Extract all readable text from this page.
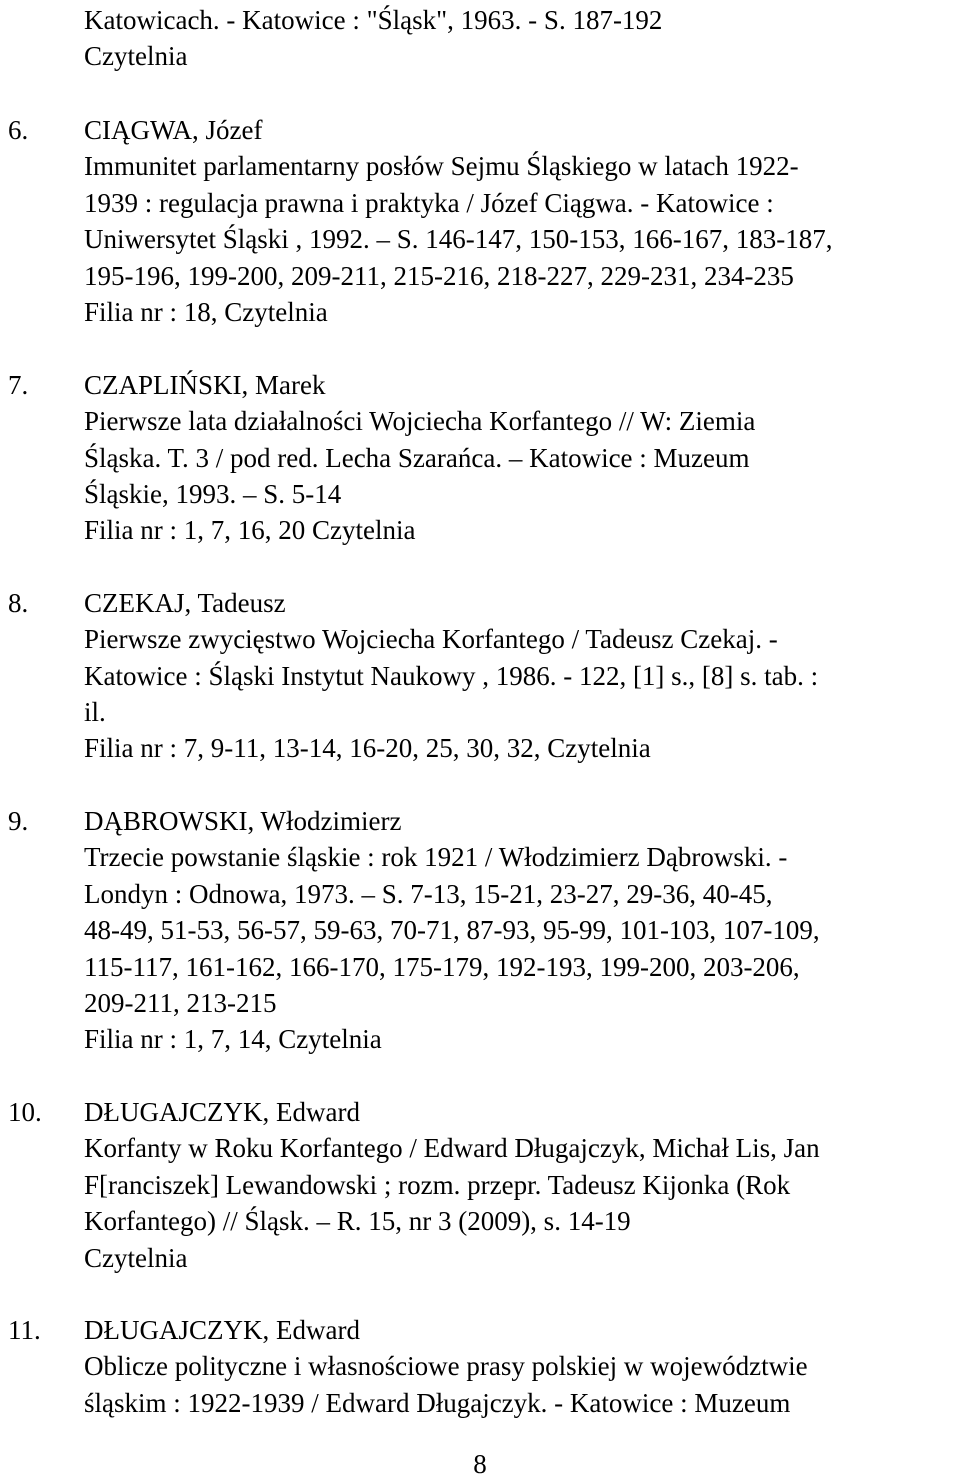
Katowicach. - Katowice : "Śląsk", 1963. - S. 187-192
Czytelnia
6. CIĄGWA, Józef
Immunitet parlamentarny posłów Sejmu Śląskiego w latach 1922-
1939 : regulacja prawna i praktyka / Józef Ciągwa. - Katowice :
Uniwersytet Śląski , 1992. – S. 146-147, 150-153, 166-167, 183-187,
195-196, 199-200, 209-211, 215-216, 218-227, 229-231, 234-235
Filia nr : 18, Czytelnia
7. CZAPLIŃSKI, Marek
Pierwsze lata działalności Wojciecha Korfantego // W: Ziemia
Śląska. T. 3 / pod red. Lecha Szarańca. – Katowice : Muzeum
Śląskie, 1993. – S. 5-14
Filia nr : 1, 7, 16, 20 Czytelnia
8. CZEKAJ, Tadeusz
Pierwsze zwycięstwo Wojciecha Korfantego / Tadeusz Czekaj. -
Katowice : Śląski Instytut Naukowy , 1986. - 122, [1] s., [8] s. tab. :
il.
Filia nr : 7, 9-11, 13-14, 16-20, 25, 30, 32, Czytelnia
9. DĄBROWSKI, Włodzimierz
Trzecie powstanie śląskie : rok 1921 / Włodzimierz Dąbrowski. -
Londyn : Odnowa, 1973. – S. 7-13, 15-21, 23-27, 29-36, 40-45,
48-49, 51-53, 56-57, 59-63, 70-71, 87-93, 95-99, 101-103, 107-109,
115-117, 161-162, 166-170, 175-179, 192-193, 199-200, 203-206,
209-211, 213-215
Filia nr : 1, 7, 14, Czytelnia
10. DŁUGAJCZYK, Edward
Korfanty w Roku Korfantego / Edward Długajczyk, Michał Lis, Jan
F[ranciszek] Lewandowski ; rozm. przepr. Tadeusz Kijonka (Rok
Korfantego) // Śląsk. – R. 15, nr 3 (2009), s. 14-19
Czytelnia
11. DŁUGAJCZYK, Edward
Oblicze polityczne i własnościowe prasy polskiej w województwie
śląskim : 1922-1939 / Edward Długajczyk. - Katowice : Muzeum
8
